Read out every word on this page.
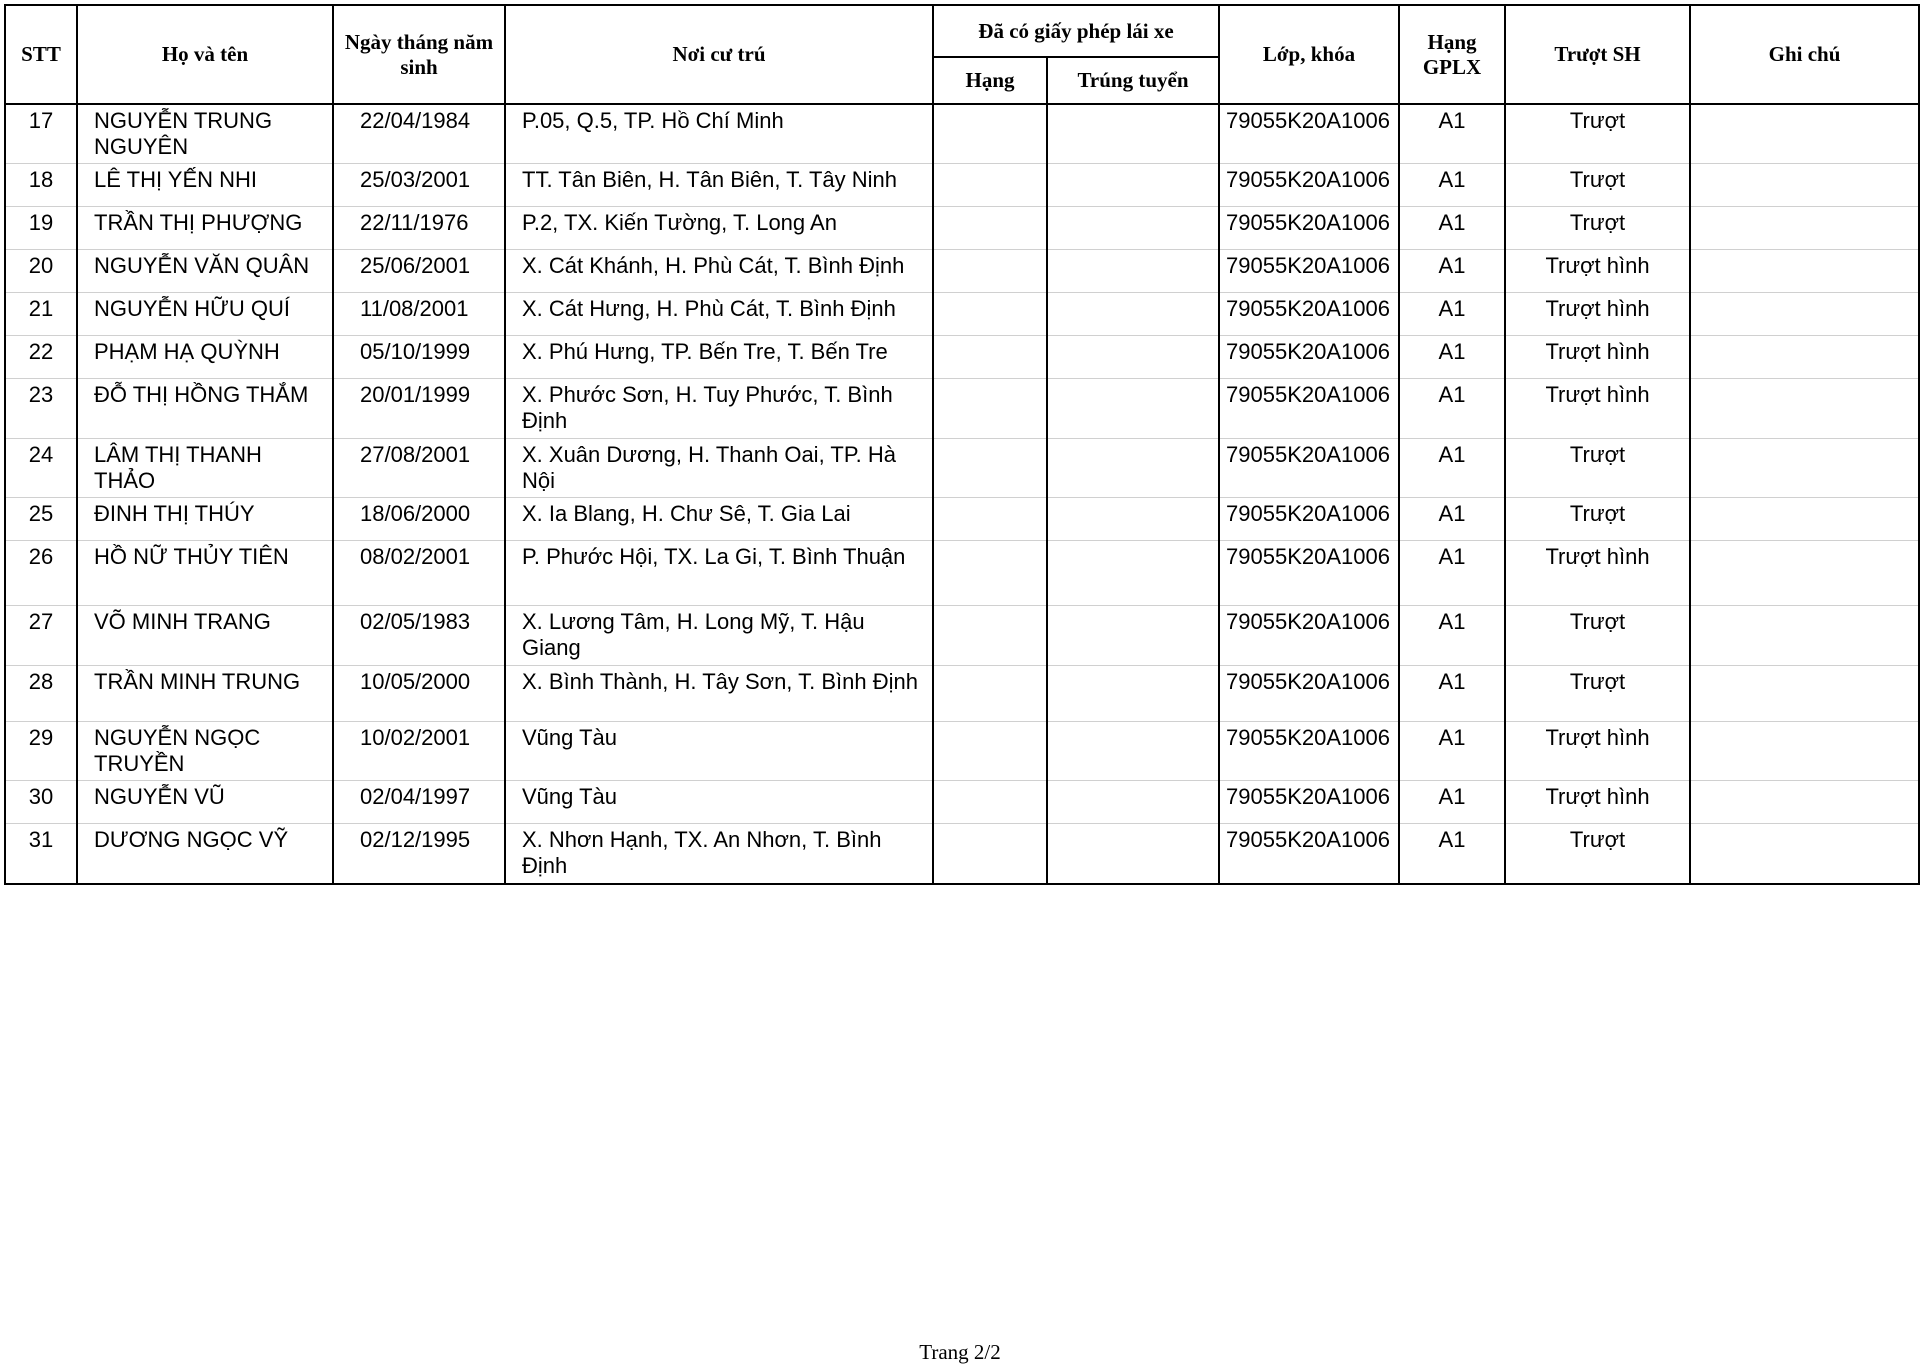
STT	Họ và tên	Ngày tháng năm sinh	Nơi cư trú	Đã có giấy phép lái xe		Lớp, khóa	Hạng GPLX	Trượt SH	Ghi chú
				Hạng	Trúng tuyển				
17	NGUYỄN TRUNG NGUYÊN	22/04/1984	P.05, Q.5, TP. Hồ Chí Minh			79055K20A1006	A1	Trượt	
18	LÊ THỊ YẾN NHI	25/03/2001	TT. Tân Biên, H. Tân Biên, T. Tây Ninh			79055K20A1006	A1	Trượt	
19	TRẦN THỊ PHƯỢNG	22/11/1976	P.2, TX. Kiến Tường, T. Long An			79055K20A1006	A1	Trượt	
20	NGUYỄN VĂN QUÂN	25/06/2001	X. Cát Khánh, H. Phù Cát, T. Bình Định			79055K20A1006	A1	Trượt hình	
21	NGUYỄN HỮU QUÍ	11/08/2001	X. Cát Hưng, H. Phù Cát, T. Bình Định			79055K20A1006	A1	Trượt hình	
22	PHẠM HẠ QUỲNH	05/10/1999	X. Phú Hưng, TP. Bến Tre, T. Bến Tre			79055K20A1006	A1	Trượt hình	
23	ĐỖ THỊ HỒNG THẮM	20/01/1999	X. Phước Sơn, H. Tuy Phước, T. Bình Định			79055K20A1006	A1	Trượt hình	
24	LÂM THỊ THANH THẢO	27/08/2001	X. Xuân Dương, H. Thanh Oai, TP. Hà Nội			79055K20A1006	A1	Trượt	
25	ĐINH THỊ THÚY	18/06/2000	X. Ia Blang, H. Chư Sê, T. Gia Lai			79055K20A1006	A1	Trượt	
26	HỒ NỮ THỦY TIÊN	08/02/2001	P. Phước Hội, TX. La Gi, T. Bình Thuận			79055K20A1006	A1	Trượt hình	
27	VÕ MINH TRANG	02/05/1983	X. Lương Tâm, H. Long Mỹ, T. Hậu Giang			79055K20A1006	A1	Trượt	
28	TRẦN MINH TRUNG	10/05/2000	X. Bình Thành, H. Tây Sơn, T. Bình Định			79055K20A1006	A1	Trượt	
29	NGUYỄN NGỌC TRUYỀN	10/02/2001	Vũng Tàu			79055K20A1006	A1	Trượt hình	
30	NGUYỄN VŨ	02/04/1997	Vũng Tàu			79055K20A1006	A1	Trượt hình	
31	DƯƠNG NGỌC VỸ	02/12/1995	X. Nhơn Hạnh, TX. An Nhơn, T. Bình Định			79055K20A1006	A1	Trượt	
Trang 2/2
